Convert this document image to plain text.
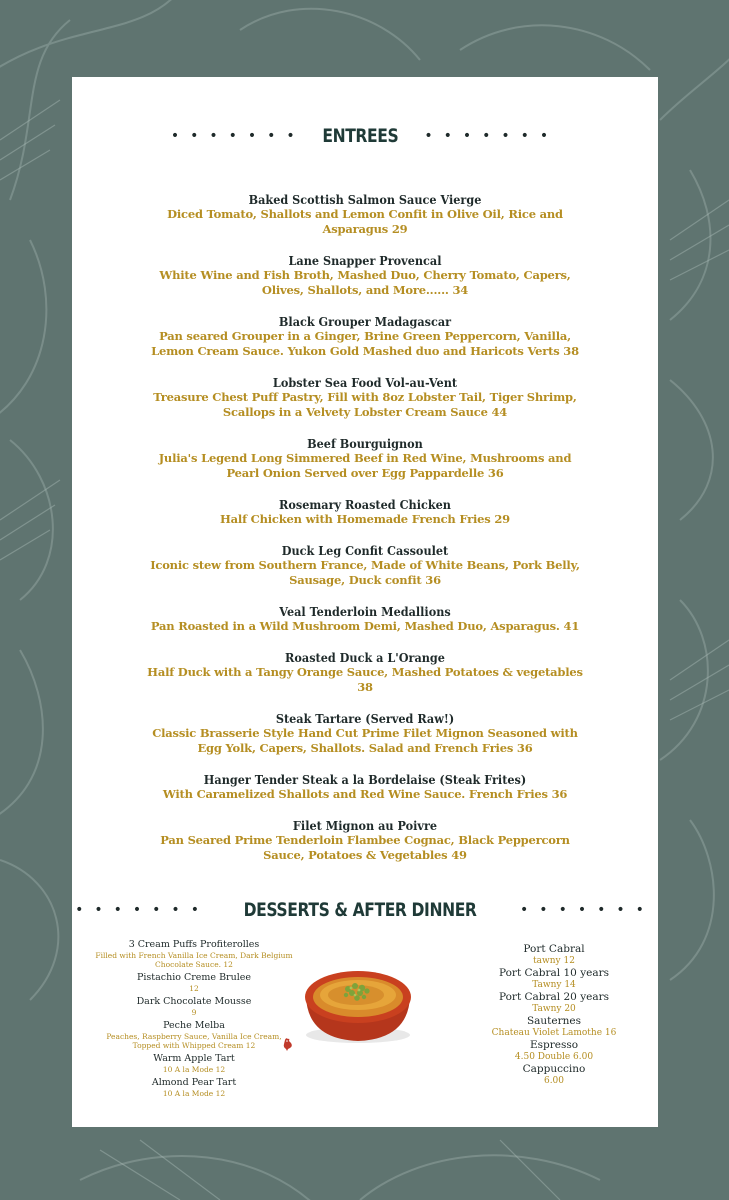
••••••• ENTREES •••••••
Baked Scottish Salmon Sauce Vierge
Diced Tomato, Shallots and Lemon Confit in Olive Oil, Rice and Asparagus 29
Lane Snapper Provencal
White Wine and Fish Broth, Mashed Duo, Cherry Tomato, Capers, Olives, Shallots, and More...... 34
Black Grouper Madagascar
Pan seared Grouper in a Ginger, Brine Green Peppercorn, Vanilla, Lemon Cream Sauce. Yukon Gold Mashed duo and Haricots Verts 38
Lobster Sea Food Vol-au-Vent
Treasure Chest Puff Pastry, Fill with 8oz Lobster Tail, Tiger Shrimp, Scallops in a Velvety Lobster Cream Sauce 44
Beef Bourguignon
Julia's Legend Long Simmered Beef in Red Wine, Mushrooms and Pearl Onion Served over Egg Pappardelle 36
Rosemary Roasted Chicken
Half Chicken with Homemade French Fries 29
Duck Leg Confit Cassoulet
Iconic stew from Southern France, Made of White Beans, Pork Belly, Sausage, Duck confit 36
Veal Tenderloin Medallions
Pan Roasted in a Wild Mushroom Demi, Mashed Duo, Asparagus. 41
Roasted Duck a L'Orange
Half Duck with a Tangy Orange Sauce, Mashed Potatoes & vegetables 38
Steak Tartare (Served Raw!)
Classic Brasserie Style Hand Cut Prime Filet Mignon Seasoned with Egg Yolk, Capers, Shallots. Salad and French Fries 36
Hanger Tender Steak a la Bordelaise (Steak Frites)
With Caramelized Shallots and Red Wine Sauce. French Fries 36
Filet Mignon au Poivre
Pan Seared Prime Tenderloin Flambee Cognac, Black Peppercorn Sauce, Potatoes & Vegetables 49
••••••• DESSERTS & AFTER DINNER	•••••••
3 Cream Puffs Profiterolles
Filled with French Vanilla Ice Cream, Dark Belgium Chocolate Sauce. 12
Pistachio Creme Brulee
12
Dark Chocolate Mousse
9
Peche Melba
Peaches, Raspberry Sauce, Vanilla Ice Cream, Topped with Whipped Cream 12
Warm Apple Tart
10 A la Mode 12
Almond Pear Tart
10 A la Mode 12
Port Cabral
tawny 12
Port Cabral 10 years
Tawny 14
Port Cabral 20 years
Tawny 20
Sauternes
Chateau Violet Lamothe 16
Espresso
4.50 Double 6.00
Cappuccino
6.00
